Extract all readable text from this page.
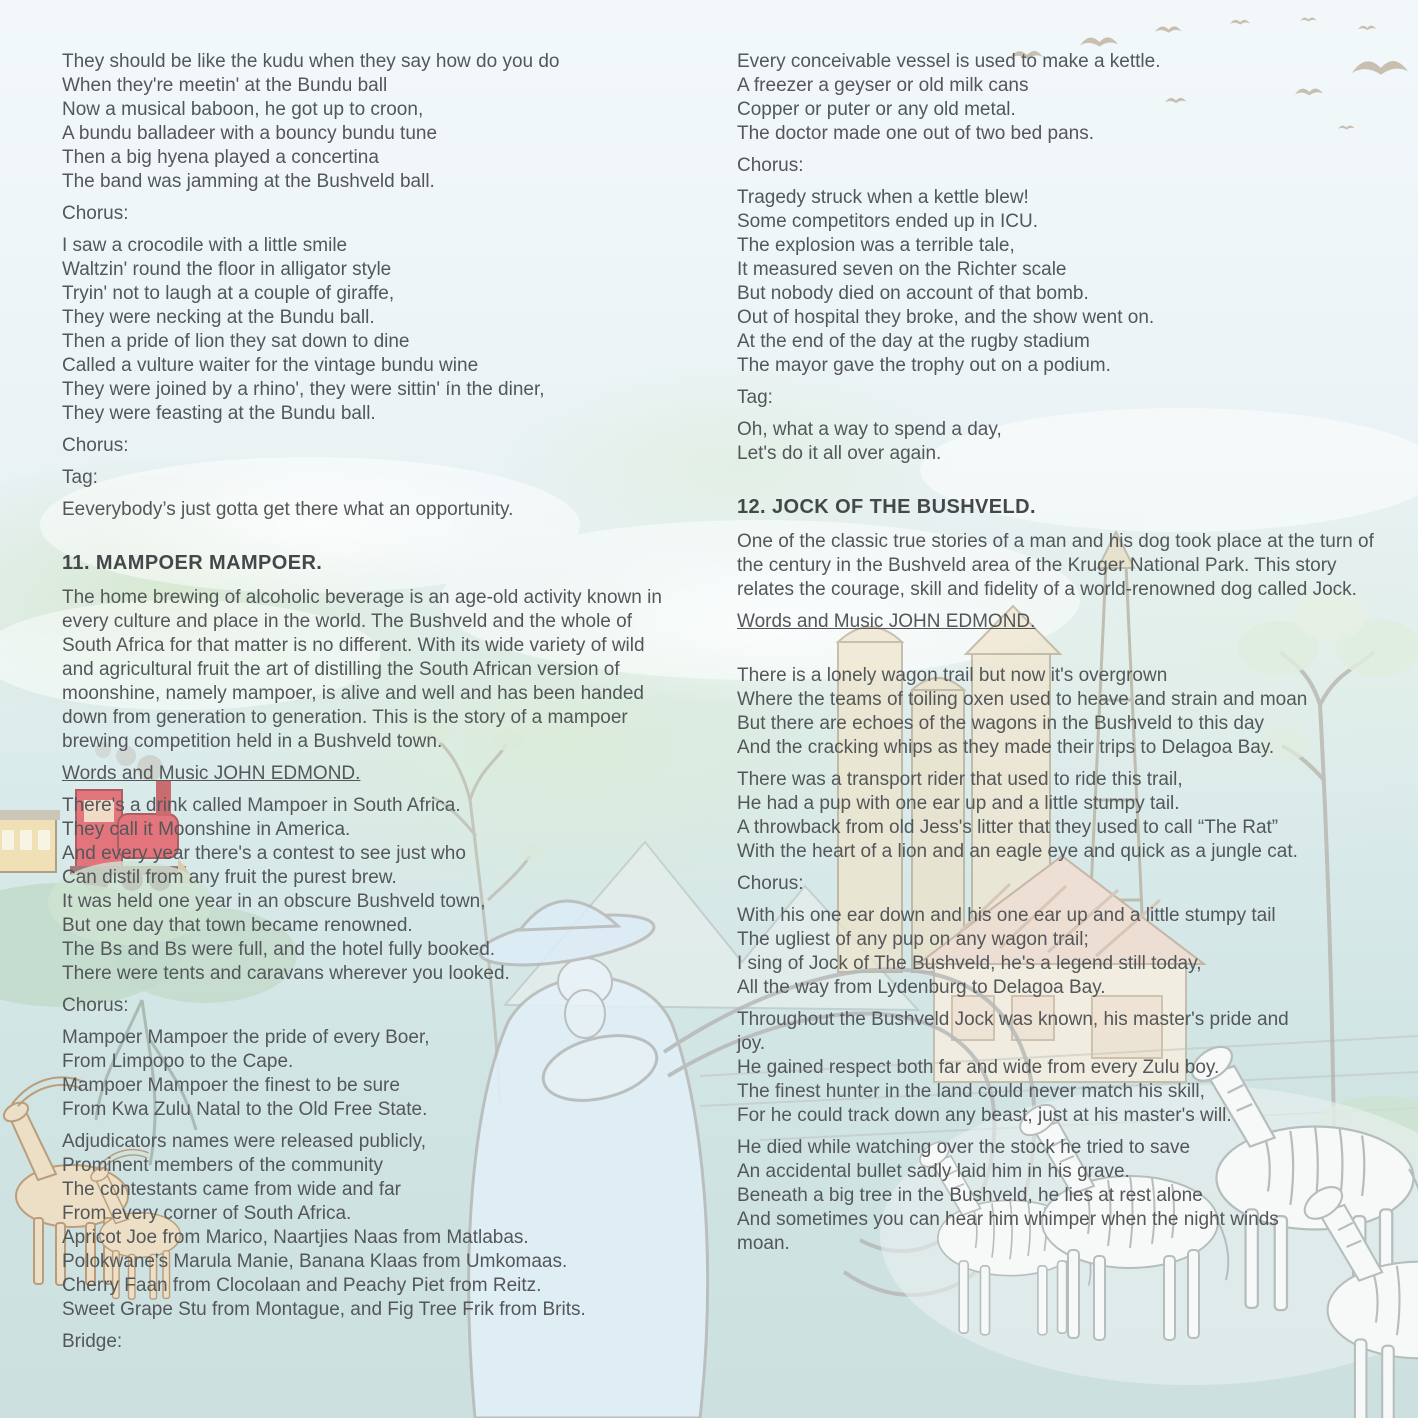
They should be like the kudu when they say how do you do
When they're meetin' at the Bundu ball
Now a musical baboon, he got up to croon,
A bundu balladeer with a bouncy bundu tune
Then a big hyena played a concertina
The band was jamming at the Bushveld ball.
Chorus:
I saw a crocodile with a little smile
Waltzin' round the floor in alligator style
Tryin' not to laugh at a couple of giraffe,
They were necking at the Bundu ball.
Then a pride of lion they sat down to dine
Called a vulture waiter for the vintage bundu wine
They were joined by a rhino', they were sittin' ín the diner,
They were feasting at the Bundu ball.
Chorus:
Tag:
Eeverybody’s just gotta get there what an opportunity.
11. MAMPOER MAMPOER.
The home brewing of alcoholic beverage is an age-old activity known in every culture and place in the world. The Bushveld and the whole of South Africa for that matter is no different. With its wide variety of wild and agricultural fruit the art of distilling the South African version of moonshine, namely mampoer, is alive and well and has been handed down from generation to generation. This is the story of a mampoer brewing competition held in a Bushveld town.
Words and Music JOHN EDMOND.
There's a drink called Mampoer in South Africa.
They call it Moonshine in America.
And every year there's a contest to see just who
Can distil from any fruit the purest brew.
It was held one year in an obscure Bushveld town,
But one day that town became renowned.
The Bs and Bs were full, and the hotel fully booked.
There were tents and caravans wherever you looked.
Chorus:
Mampoer Mampoer the pride of every Boer,
From Limpopo to the Cape.
Mampoer Mampoer the finest to be sure
From Kwa Zulu Natal to the Old Free State.
Adjudicators names were released publicly,
Prominent members of the community
The contestants came from wide and far
From every corner of South Africa.
Apricot Joe from Marico, Naartjies Naas from Matlabas.
Polokwane's Marula Manie, Banana Klaas from Umkomaas.
Cherry Faan from Clocolaan and Peachy Piet from Reitz.
Sweet Grape Stu from Montague, and Fig Tree Frik from Brits.
Bridge:
Every conceivable vessel is used to make a kettle.
A freezer a geyser or old milk cans
Copper or puter or any old metal.
The doctor made one out of two bed pans.
Chorus:
Tragedy struck when a kettle blew!
Some competitors ended up in ICU.
The explosion was a terrible tale,
It measured seven on the Richter scale
But nobody died on account of that bomb.
Out of hospital they broke, and the show went on.
At the end of the day at the rugby stadium
The mayor gave the trophy out on a podium.
Tag:
Oh, what a way to spend a day,
Let's do it all over again.
12. JOCK OF THE BUSHVELD.
One of the classic true stories of a man and his dog took place at the turn of the century in the Bushveld area of the Kruger National Park. This story relates the courage, skill and fidelity of a world-renowned dog called Jock.
Words and Music JOHN EDMOND.
There is a lonely wagon trail but now it's overgrown
Where the teams of toiling oxen used to heave and strain and moan
But there are echoes of the wagons in the Bushveld to this day
And the cracking whips as they made their trips to Delagoa Bay.
There was a transport rider that used to ride this trail,
He had a pup with one ear up and a little stumpy tail.
A throwback from old Jess's litter that they used to call “The Rat”
With the heart of a lion and an eagle eye and quick as a jungle cat.
Chorus:
With his one ear down and his one ear up and a little stumpy tail
The ugliest of any pup on any wagon trail;
I sing of Jock of The Bushveld, he's a legend still today,
All the way from Lydenburg to Delagoa Bay.
Throughout the Bushveld Jock was known, his master's pride and
joy.
He gained respect both far and wide from every Zulu boy.
The finest hunter in the land could never match his skill,
For he could track down any beast, just at his master's will.
He died while watching over the stock he tried to save
An accidental bullet sadly laid him in his grave.
Beneath a big tree in the Bushveld, he lies at rest alone
And sometimes you can hear him whimper when the night winds
moan.
